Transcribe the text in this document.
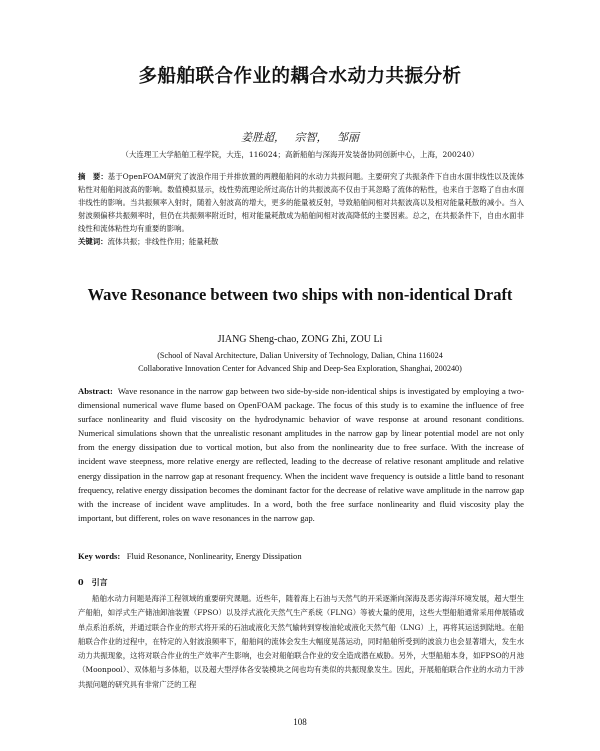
多船舶联合作业的耦合水动力共振分析
姜胜超， 宗智， 邹丽
（大连理工大学船舶工程学院，大连，116024；高新船舶与深海开发装备协同创新中心，上海，200240）
摘　要：基于OpenFOAM研究了波浪作用于并排放置的两艘船舶间的水动力共振问题。主要研究了共振条件下自由水面非线性以及流体粘性对船舶间波高的影响。数值模拟显示，线性势流理论所过高估计的共振波高不仅由于其忽略了流体的粘性，也来自于忽略了自由水面非线性的影响。当共振频率入射时，随着入射波高的增大，更多的能量被反射，导致船舶间相对共振波高以及相对能量耗散的减小。当入射波频偏移共振频率时，但仍在共振频率附近时，相对能量耗散成为船舶间相对波高降低的主要因素。总之，在共振条件下，自由水面非线性和流体粘性均有重要的影响。
关键词：流体共振；非线性作用；能量耗散
Wave Resonance between two ships with non-identical Draft
JIANG Sheng-chao, ZONG Zhi, ZOU Li
(School of Naval Architecture, Dalian University of Technology, Dalian, China 116024
Collaborative Innovation Center for Advanced Ship and Deep-Sea Exploration, Shanghai, 200240)
Abstract: Wave resonance in the narrow gap between two side-by-side non-identical ships is investigated by employing a two-dimensional numerical wave flume based on OpenFOAM package. The focus of this study is to examine the influence of free surface nonlinearity and fluid viscosity on the hydrodynamic behavior of wave response at around resonant conditions. Numerical simulations shown that the unrealistic resonant amplitudes in the narrow gap by linear potential model are not only from the energy dissipation due to vortical motion, but also from the nonlinearity due to free surface. With the increase of incident wave steepness, more relative energy are reflected, leading to the decrease of relative resonant amplitude and relative energy dissipation in the narrow gap at resonant frequency. When the incident wave frequency is outside a little band to resonant frequency, relative energy dissipation becomes the dominant factor for the decrease of relative wave amplitude in the narrow gap with the increase of incident wave amplitudes. In a word, both the free surface nonlinearity and fluid viscosity play the important, but different, roles on wave resonances in the narrow gap.
Key words: Fluid Resonance, Nonlinearity, Energy Dissipation
0　引言
船舶水动力问题是海洋工程领域的重要研究课题。近些年，随着海上石油与天然气的开采逐渐向深海及恶劣海洋环境发展，超大型生产船舶，如浮式生产储油卸油装置（FPSO）以及浮式液化天然气生产系统（FLNG）等被大量的使用，这些大型船舶通常采用伸展锚或单点系泊系统，并通过联合作业的形式将开采的石油或液化天然气输转到穿梭油轮或液化天然气船（LNG）上，再将其运送到陆地。在船舶联合作业的过程中，在特定的入射波浪频率下，船舶间的流体会发生大幅度晃荡运动，同时船舶所受到的波浪力也会显著增大，发生水动力共振现象，这将对联合作业的生产效率产生影响，也会对船舶联合作业的安全造成潜在威胁。另外，大型船舶本身，如FPSO的月池（Moonpool）、双体船与多体船，以及超大型浮体各安装模块之间也均有类似的共振现象发生。因此，开展船舶联合作业的水动力干涉共振问题的研究具有非常广泛的工程
108
